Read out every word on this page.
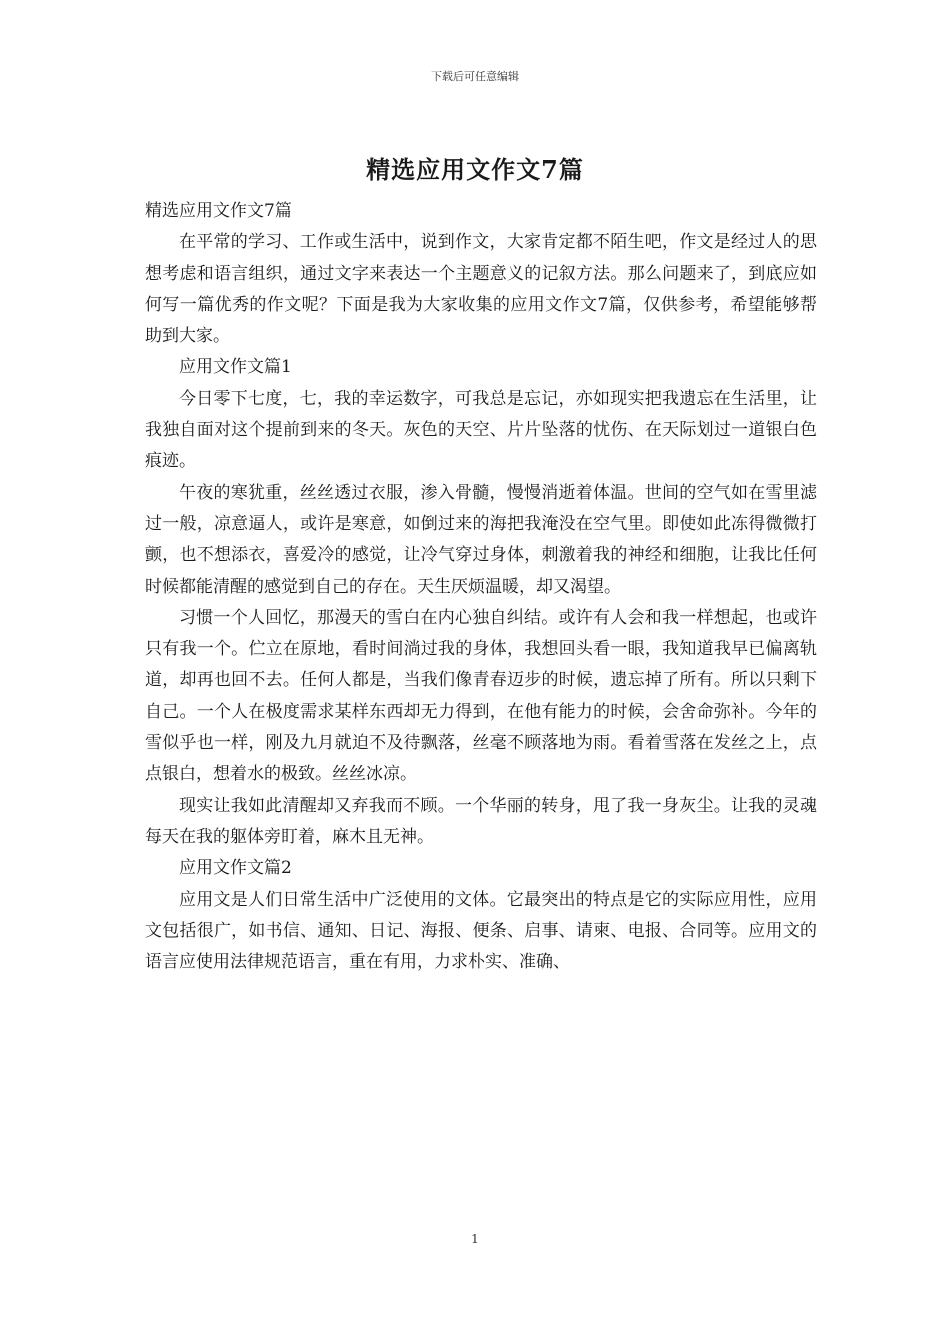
下载后可任意编辑
精选应用文作文7篇

精选应用文作文7篇

在平常的学习、工作或生活中，说到作文，大家肯定都不陌生吧，作文是经过人的思想考虑和语言组织，通过文字来表达一个主题意义的记叙方法。那么问题来了，到底应如何写一篇优秀的作文呢？下面是我为大家收集的应用文作文7篇，仅供参考，希望能够帮助到大家。

应用文作文篇1

今日零下七度，七，我的幸运数字，可我总是忘记，亦如现实把我遗忘在生活里，让我独自面对这个提前到来的冬天。灰色的天空、片片坠落的忧伤、在天际划过一道银白色痕迹。

午夜的寒犹重，丝丝透过衣服，渗入骨髓，慢慢消逝着体温。世间的空气如在雪里滤过一般，凉意逼人，或许是寒意，如倒过来的海把我淹没在空气里。即使如此冻得微微打颤，也不想添衣，喜爱冷的感觉，让冷气穿过身体，刺激着我的神经和细胞，让我比任何时候都能清醒的感觉到自己的存在。天生厌烦温暖，却又渴望。

习惯一个人回忆，那漫天的雪白在内心独自纠结。或许有人会和我一样想起，也或许只有我一个。伫立在原地，看时间淌过我的身体，我想回头看一眼，我知道我早已偏离轨道，却再也回不去。任何人都是，当我们像青春迈步的时候，遗忘掉了所有。所以只剩下自己。一个人在极度需求某样东西却无力得到，在他有能力的时候，会舍命弥补。今年的雪似乎也一样，刚及九月就迫不及待飘落，丝毫不顾落地为雨。看着雪落在发丝之上，点点银白，想着水的极致。丝丝冰凉。

现实让我如此清醒却又弃我而不顾。一个华丽的转身，甩了我一身灰尘。让我的灵魂每天在我的躯体旁盯着，麻木且无神。

应用文作文篇2

应用文是人们日常生活中广泛使用的文体。它最突出的特点是它的实际应用性，应用文包括很广，如书信、通知、日记、海报、便条、启事、请柬、电报、合同等。应用文的语言应使用法律规范语言，重在有用，力求朴实、准确、

1
